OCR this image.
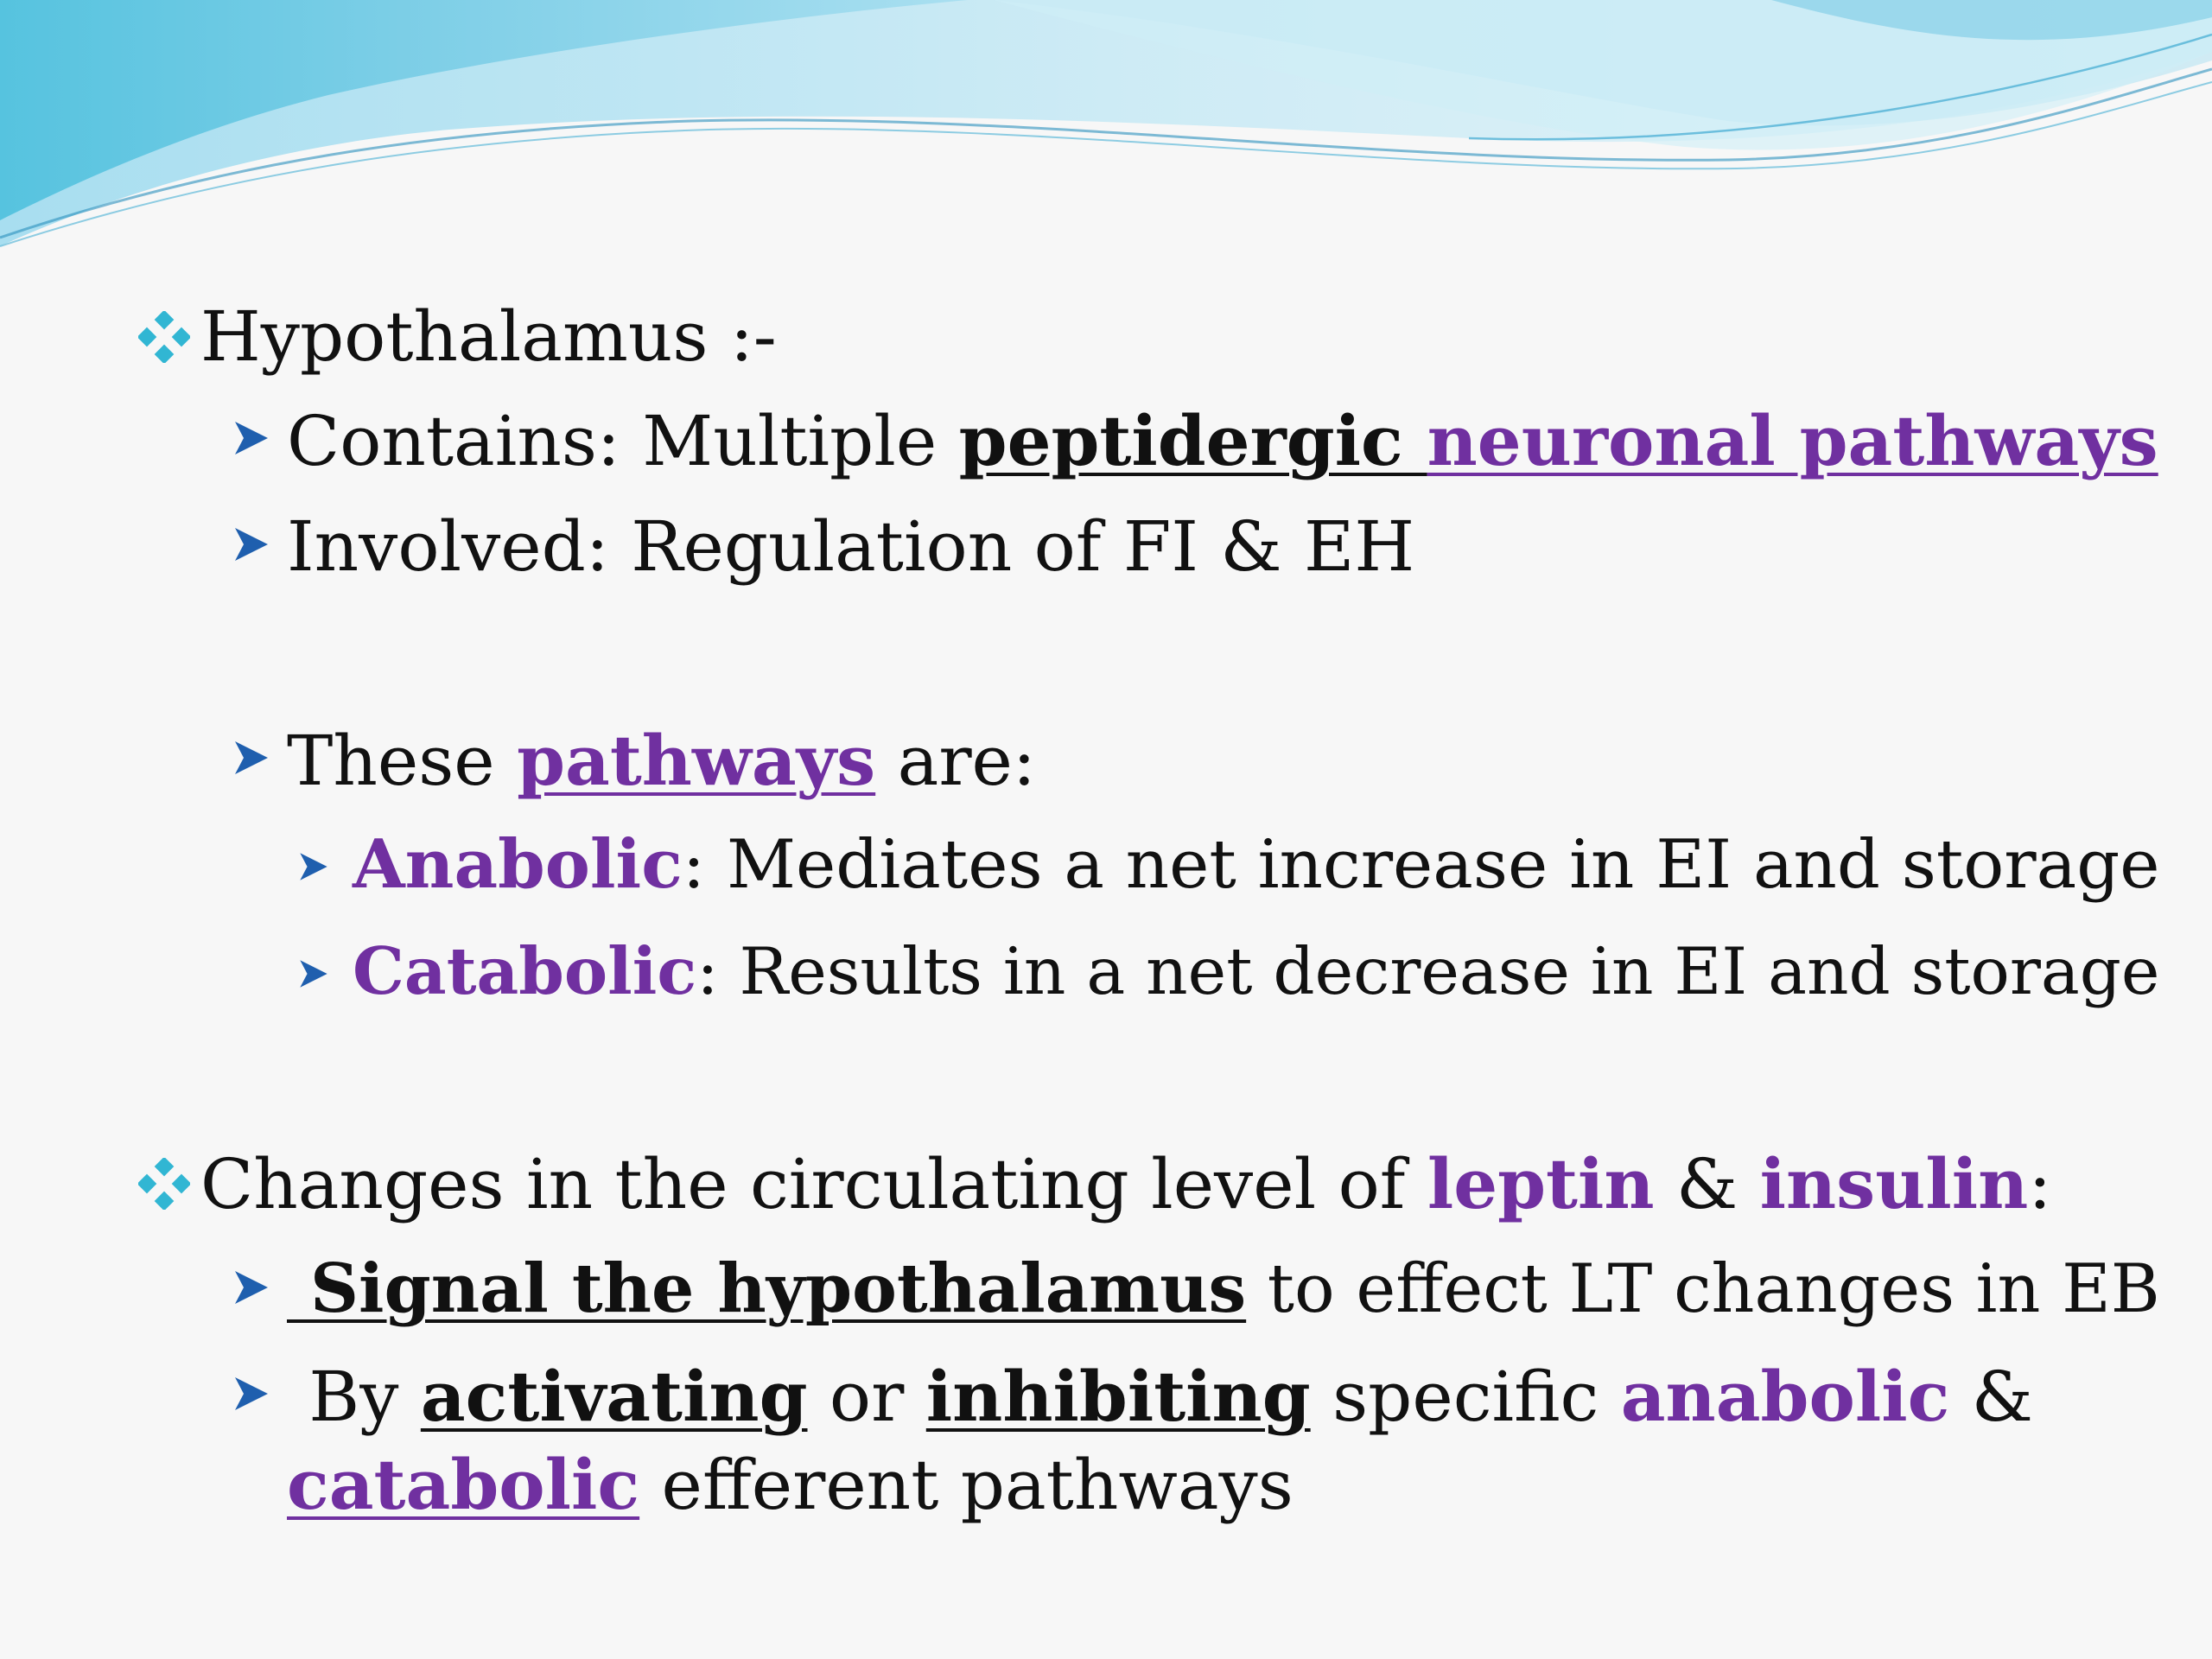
Hypothalamus :-
Contains: Multiple peptidergic neuronal pathways
Involved: Regulation of FI & EH
These pathways are:
Anabolic: Mediates a net increase in EI and storage
Catabolic: Results in a net decrease in EI and storage
Changes in the circulating level of leptin & insulin:
Signal the hypothalamus to effect LT changes in EB
By activating or inhibiting specific anabolic &
catabolic efferent pathways
